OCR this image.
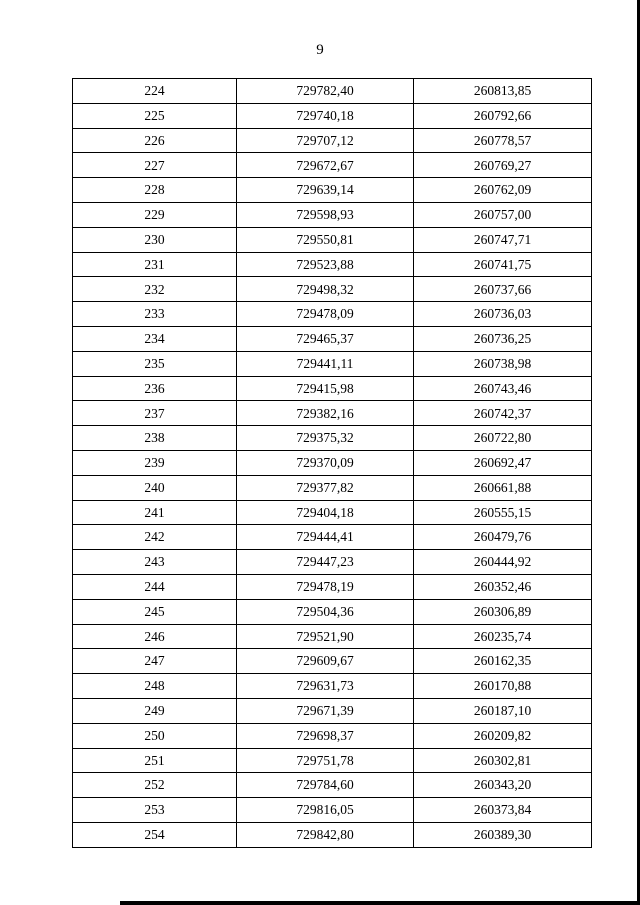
9
224	729782,40	260813,85
225	729740,18	260792,66
226	729707,12	260778,57
227	729672,67	260769,27
228	729639,14	260762,09
229	729598,93	260757,00
230	729550,81	260747,71
231	729523,88	260741,75
232	729498,32	260737,66
233	729478,09	260736,03
234	729465,37	260736,25
235	729441,11	260738,98
236	729415,98	260743,46
237	729382,16	260742,37
238	729375,32	260722,80
239	729370,09	260692,47
240	729377,82	260661,88
241	729404,18	260555,15
242	729444,41	260479,76
243	729447,23	260444,92
244	729478,19	260352,46
245	729504,36	260306,89
246	729521,90	260235,74
247	729609,67	260162,35
248	729631,73	260170,88
249	729671,39	260187,10
250	729698,37	260209,82
251	729751,78	260302,81
252	729784,60	260343,20
253	729816,05	260373,84
254	729842,80	260389,30
